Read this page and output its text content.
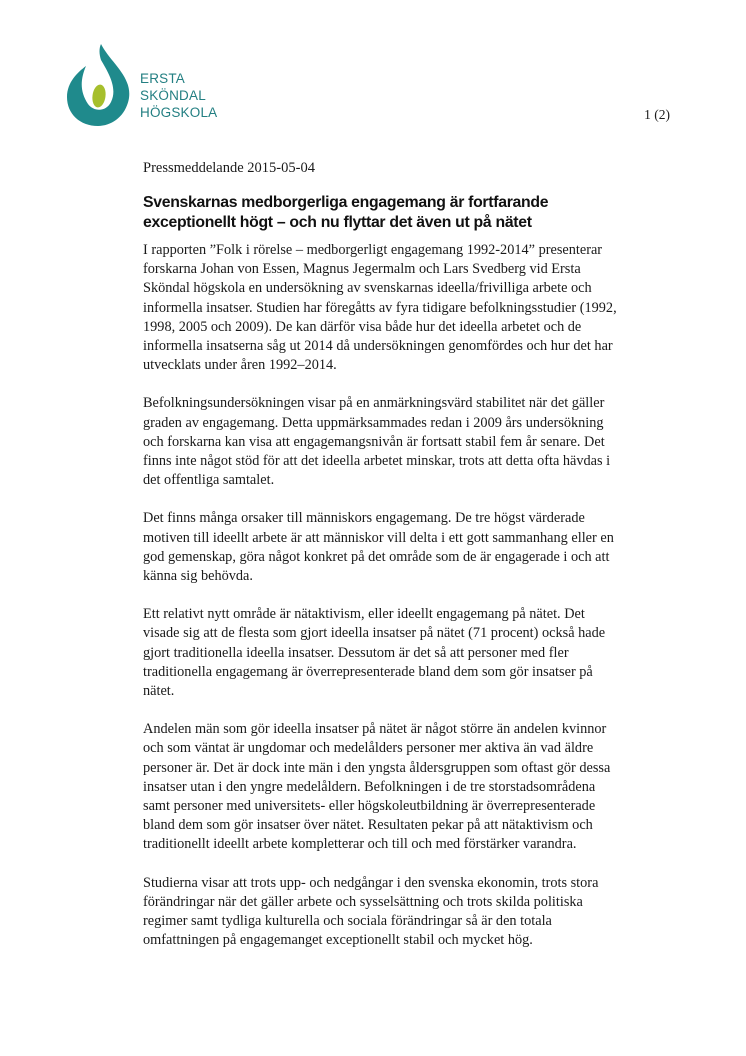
ERSTA
SKÖNDAL
HÖGSKOLA	1 (2)
Pressmeddelande 2015-05-04
Svenskarnas medborgerliga engagemang är fortfarande
exceptionellt högt – och nu flyttar det även ut på nätet

I rapporten ”Folk i rörelse – medborgerligt engagemang 1992-2014” presenterar forskarna Johan von Essen, Magnus Jegermalm och Lars Svedberg vid Ersta Sköndal högskola en undersökning av svenskarnas ideella/frivilliga arbete och informella insatser. Studien har föregåtts av fyra tidigare befolkningsstudier (1992, 1998, 2005 och 2009). De kan därför visa både hur det ideella arbetet och de informella insatserna såg ut 2014 då undersökningen genomfördes och hur det har utvecklats under åren 1992–2014.

Befolkningsundersökningen visar på en anmärkningsvärd stabilitet när det gäller graden av engagemang. Detta uppmärksammades redan i 2009 års undersökning och forskarna kan visa att engagemangsnivån är fortsatt stabil fem år senare. Det finns inte något stöd för att det ideella arbetet minskar, trots att detta ofta hävdas i det offentliga samtalet.

Det finns många orsaker till människors engagemang. De tre högst värderade motiven till ideellt arbete är att människor vill delta i ett gott sammanhang eller en god gemenskap, göra något konkret på det område som de är engagerade i och att känna sig behövda.

Ett relativt nytt område är nätaktivism, eller ideellt engagemang på nätet. Det visade sig att de flesta som gjort ideella insatser på nätet (71 procent) också hade gjort traditionella ideella insatser. Dessutom är det så att personer med fler traditionella engagemang är överrepresenterade bland dem som gör insatser på nätet.

Andelen män som gör ideella insatser på nätet är något större än andelen kvinnor och som väntat är ungdomar och medelålders personer mer aktiva än vad äldre personer är. Det är dock inte män i den yngsta åldersgruppen som oftast gör dessa insatser utan i den yngre medelåldern. Befolkningen i de tre storstadsområdena samt personer med universitets- eller högskoleutbildning är överrepresenterade bland dem som gör insatser över nätet. Resultaten pekar på att nätaktivism och traditionellt ideellt arbete kompletterar och till och med förstärker varandra.

Studierna visar att trots upp- och nedgångar i den svenska ekonomin, trots stora förändringar när det gäller arbete och sysselsättning och trots skilda politiska regimer samt tydliga kulturella och sociala förändringar så är den totala omfattningen på engagemanget exceptionellt stabil och mycket hög.
